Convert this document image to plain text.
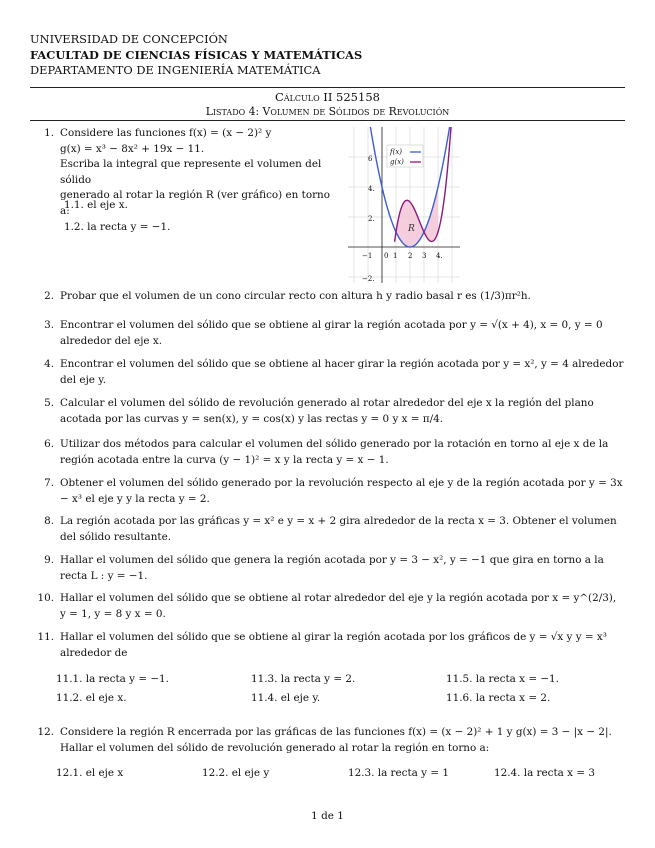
UNIVERSIDAD DE CONCEPCIÓN
FACULTAD DE CIENCIAS FÍSICAS Y MATEMÁTICAS
DEPARTAMENTO DE INGENIERÍA MATEMÁTICA
Cálculo II 525158
Listado 4: Volumen de Sólidos de Revolución
1. Considere las funciones f(x) = (x − 2)² y
g(x) = x³ − 8x² + 19x − 11.
Escriba la integral que represente el volumen del sólido
generado al rotar la región R (ver gráfico) en torno a:
1.1. el eje x.
1.2. la recta y = −1.
6
4.
2.
−2.
−1 0 1 2 3 4.
R
f(x)
g(x)
2. Probar que el volumen de un cono circular recto con altura h y radio basal r es (1/3)πr²h.
3. Encontrar el volumen del sólido que se obtiene al girar la región acotada por y = √(x + 4), x = 0, y = 0 alrededor del eje x.
4. Encontrar el volumen del sólido que se obtiene al hacer girar la región acotada por y = x², y = 4 alrededor del eje y.
5. Calcular el volumen del sólido de revolución generado al rotar alrededor del eje x la región del plano acotada por las curvas y = sen(x), y = cos(x) y las rectas y = 0 y x = π/4.
6. Utilizar dos métodos para calcular el volumen del sólido generado por la rotación en torno al eje x de la región acotada entre la curva (y − 1)² = x y la recta y = x − 1.
7. Obtener el volumen del sólido generado por la revolución respecto al eje y de la región acotada por y = 3x − x³ el eje y y la recta y = 2.
8. La región acotada por las gráficas y = x² e y = x + 2 gira alrededor de la recta x = 3. Obtener el volumen del sólido resultante.
9. Hallar el volumen del sólido que genera la región acotada por y = 3 − x², y = −1 que gira en torno a la recta L : y = −1.
10. Hallar el volumen del sólido que se obtiene al rotar alrededor del eje y la región acotada por x = y^(2/3), y = 1, y = 8 y x = 0.
11. Hallar el volumen del sólido que se obtiene al girar la región acotada por los gráficos de y = √x y y = x³ alrededor de
11.1. la recta y = −1.
11.2. el eje x.
11.3. la recta y = 2.
11.4. el eje y.
11.5. la recta x = −1.
11.6. la recta x = 2.
12. Considere la región R encerrada por las gráficas de las funciones f(x) = (x − 2)² + 1 y g(x) = 3 − |x − 2|. Hallar el volumen del sólido de revolución generado al rotar la región en torno a:
12.1. el eje x	12.2. el eje y	12.3. la recta y = 1	12.4. la recta x = 3
1 de 1
